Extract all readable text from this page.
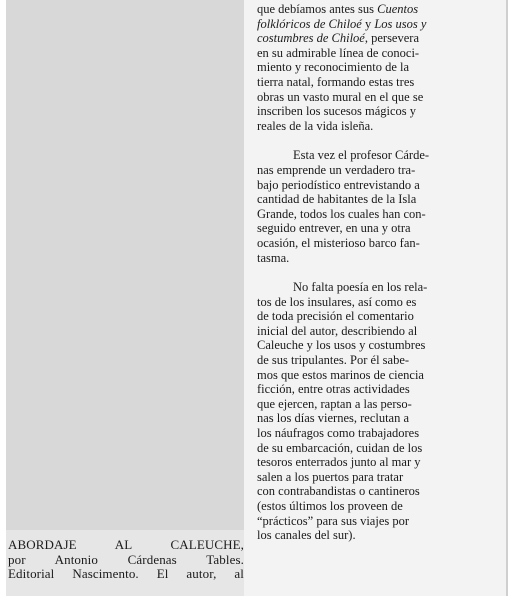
ABORDAJE AL CALEUCHE,
por Antonio Cárdenas Tables.
Editorial Nascimento. El autor, al

que debíamos antes sus Cuentos
folklóricos de Chiloé y Los usos y
costumbres de Chiloé, persevera
en su admirable línea de conoci-
miento y reconocimiento de la
tierra natal, formando estas tres
obras un vasto mural en el que se
inscriben los sucesos mágicos y
reales de la vida isleña.

Esta vez el profesor Cárde-
nas emprende un verdadero tra-
bajo periodístico entrevistando a
cantidad de habitantes de la Isla
Grande, todos los cuales han con-
seguido entrever, en una y otra
ocasión, el misterioso barco fan-
tasma.

No falta poesía en los rela-
tos de los insulares, así como es
de toda precisión el comentario
inicial del autor, describiendo al
Caleuche y los usos y costumbres
de sus tripulantes. Por él sabe-
mos que estos marinos de ciencia
ficción, entre otras actividades
que ejercen, raptan a las perso-
nas los días viernes, reclutan a
los náufragos como trabajadores
de su embarcación, cuidan de los
tesoros enterrados junto al mar y
salen a los puertos para tratar
con contrabandistas o cantineros
(estos últimos los proveen de
“prácticos” para sus viajes por
los canales del sur).
